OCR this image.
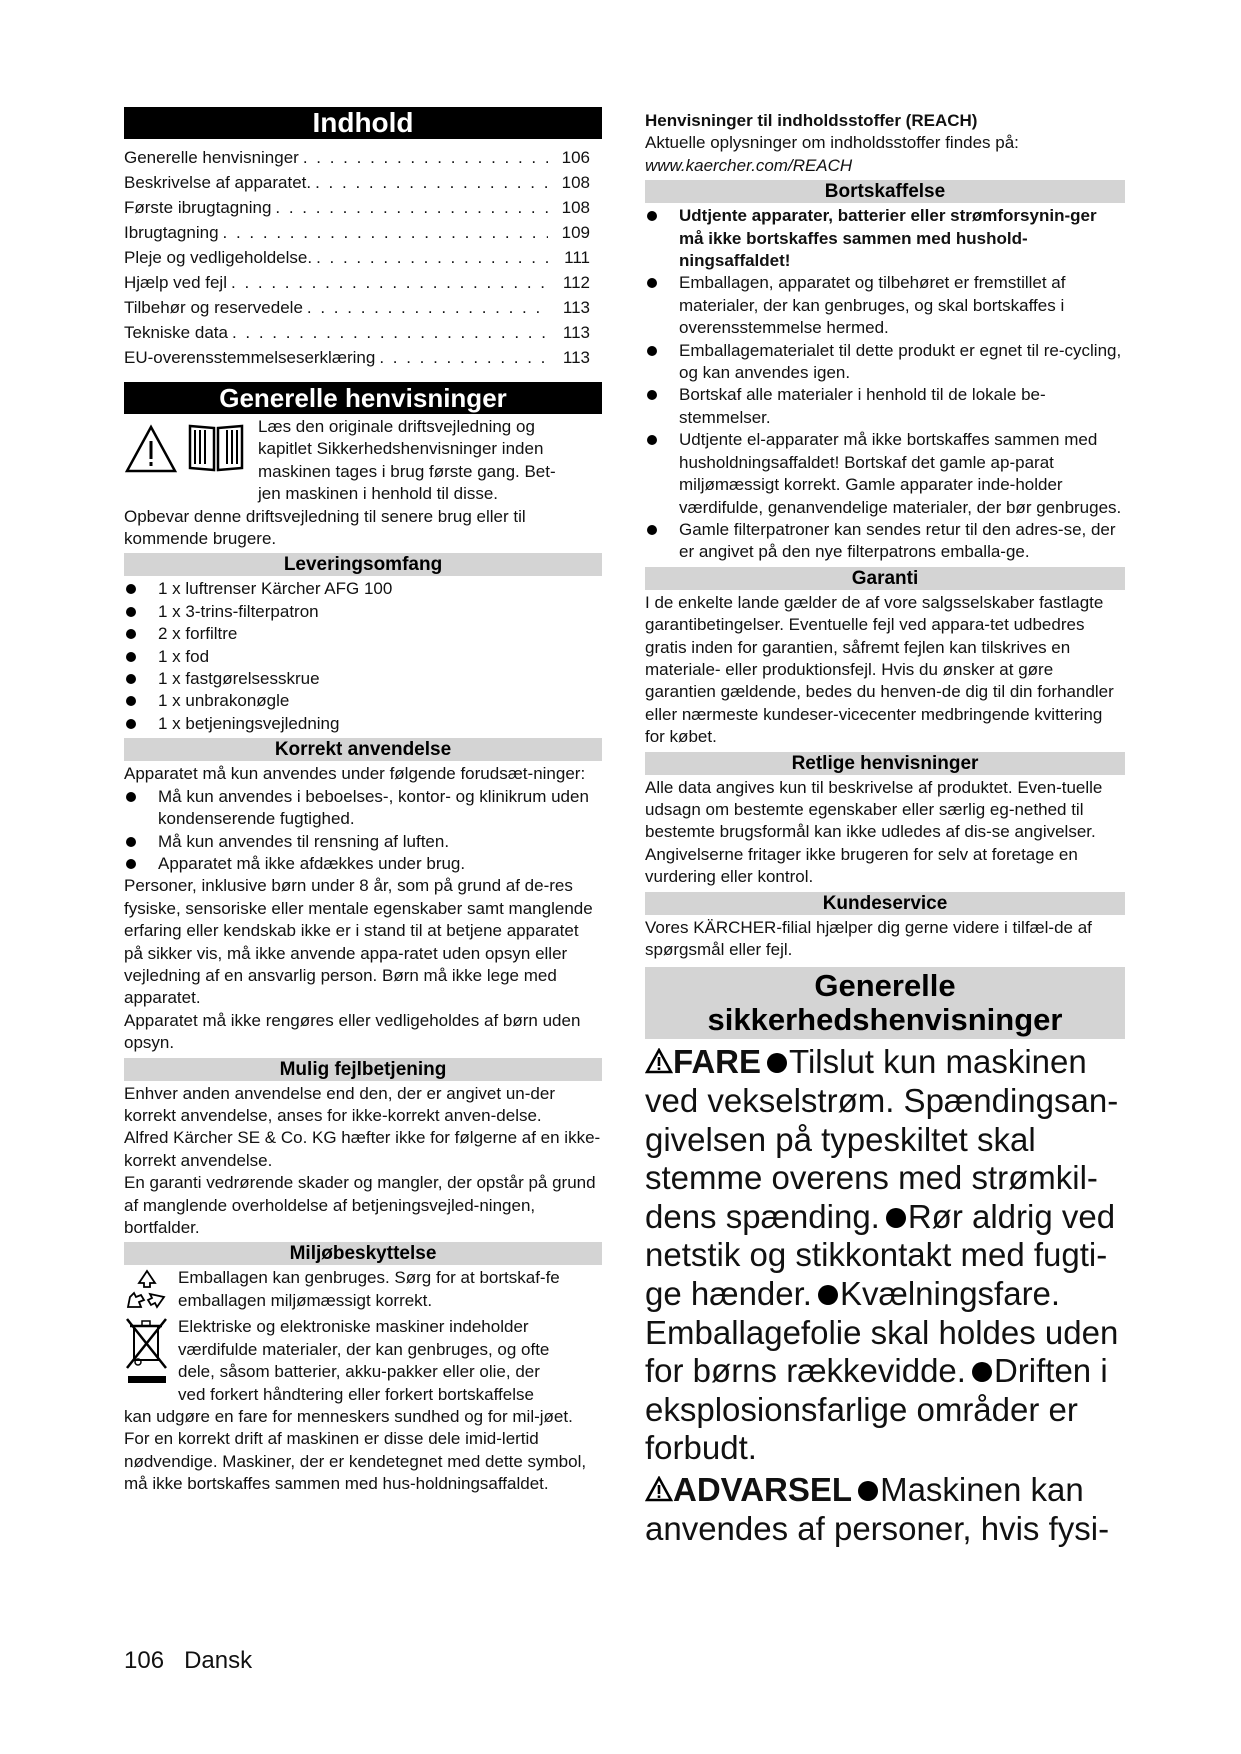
Indhold
Generelle henvisninger . . .	106
Beskrivelse af apparatet. . . .	108
Første ibrugtagning . . .	108
Ibrugtagning . . .	109
Pleje og vedligeholdelse. . . .	111
Hjælp ved fejl . . .	112
Tilbehør og reservedele . . .	113
Tekniske data . . .	113
EU-overensstemmelseserklæring . . .	113
Generelle henvisninger

Læs den originale driftsvejledning og

kapitlet Sikkerhedshenvisninger inden

maskinen tages i brug første gang. Bet-

jen maskinen i henhold til disse.

Opbevar denne driftsvejledning til senere brug eller til kommende brugere.

Leveringsomfang
1 x luftrenser Kärcher AFG 100
1 x 3-trins-filterpatron
2 x forfiltre
1 x fod
1 x fastgørelsesskrue
1 x unbrakonøgle
1 x betjeningsvejledning
Korrekt anvendelse

Apparatet må kun anvendes under følgende forudsæt-ninger:

Må kun anvendes i beboelses-, kontor- og klinikrum uden kondenserende fugtighed.
Må kun anvendes til rensning af luften.
Apparatet må ikke afdækkes under brug.

Personer, inklusive børn under 8 år, som på grund af de-res fysiske, sensoriske eller mentale egenskaber samt manglende erfaring eller kendskab ikke er i stand til at betjene apparatet på sikker vis, må ikke anvende appa-ratet uden opsyn eller vejledning af en ansvarlig person. Børn må ikke lege med apparatet.

Apparatet må ikke rengøres eller vedligeholdes af børn uden opsyn.

Mulig fejlbetjening

Enhver anden anvendelse end den, der er angivet un-der korrekt anvendelse, anses for ikke-korrekt anven-delse.

Alfred Kärcher SE & Co. KG hæfter ikke for følgerne af en ikke-korrekt anvendelse.

En garanti vedrørende skader og mangler, der opstår på grund af manglende overholdelse af betjeningsvejled-ningen, bortfalder.

Miljøbeskyttelse

Emballagen kan genbruges. Sørg for at bortskaf-fe emballagen miljømæssigt korrekt.

Elektriske og elektroniske maskiner indeholder

værdifulde materialer, der kan genbruges, og ofte

dele, såsom batterier, akku-pakker eller olie, der

ved forkert håndtering eller forkert bortskaffelse

kan udgøre en fare for menneskers sundhed og for mil-jøet. For en korrekt drift af maskinen er disse dele imid-lertid nødvendige. Maskiner, der er kendetegnet med dette symbol, må ikke bortskaffes sammen med hus-holdningsaffaldet.

Henvisninger til indholdsstoffer (REACH)

Aktuelle oplysninger om indholdsstoffer findes på:

www.kaercher.com/REACH

Bortskaffelse
Udtjente apparater, batterier eller strømforsynin-ger må ikke bortskaffes sammen med hushold-ningsaffaldet!
Emballagen, apparatet og tilbehøret er fremstillet af materialer, der kan genbruges, og skal bortskaffes i overensstemmelse hermed.
Emballagematerialet til dette produkt er egnet til re-cycling, og kan anvendes igen.
Bortskaf alle materialer i henhold til de lokale be-stemmelser.
Udtjente el-apparater må ikke bortskaffes sammen med husholdningsaffaldet! Bortskaf det gamle ap-parat miljømæssigt korrekt. Gamle apparater inde-holder værdifulde, genanvendelige materialer, der bør genbruges.
Gamle filterpatroner kan sendes retur til den adres-se, der er angivet på den nye filterpatrons emballa-ge.
Garanti

I de enkelte lande gælder de af vore salgsselskaber fastlagte garantibetingelser. Eventuelle fejl ved appara-tet udbedres gratis inden for garantien, såfremt fejlen kan tilskrives en materiale- eller produktionsfejl. Hvis du ønsker at gøre garantien gældende, bedes du henven-de dig til din forhandler eller nærmeste kundeser-vicecenter medbringende kvittering for købet.

Retlige henvisninger

Alle data angives kun til beskrivelse af produktet. Even-tuelle udsagn om bestemte egenskaber eller særlig eg-nethed til bestemte brugsformål kan ikke udledes af dis-se angivelser. Angivelserne fritager ikke brugeren for selv at foretage en vurdering eller kontrol.

Kundeservice

Vores KÄRCHER-filial hjælper dig gerne videre i tilfæl-de af spørgsmål eller fejl.

Generelle
sikkerhedshenvisninger

FARE Tilslut kun maskinen ved vekselstrøm. Spændingsan-givelsen på typeskiltet skal stemme overens med strømkil-dens spænding. Rør aldrig ved netstik og stikkontakt med fugti-ge hænder. Kvælningsfare. Emballagefolie skal holdes uden for børns rækkevidde. Driften i eksplosionsfarlige områder er forbudt.

ADVARSEL Maskinen kan anvendes af personer, hvis fysi-

106 Dansk
